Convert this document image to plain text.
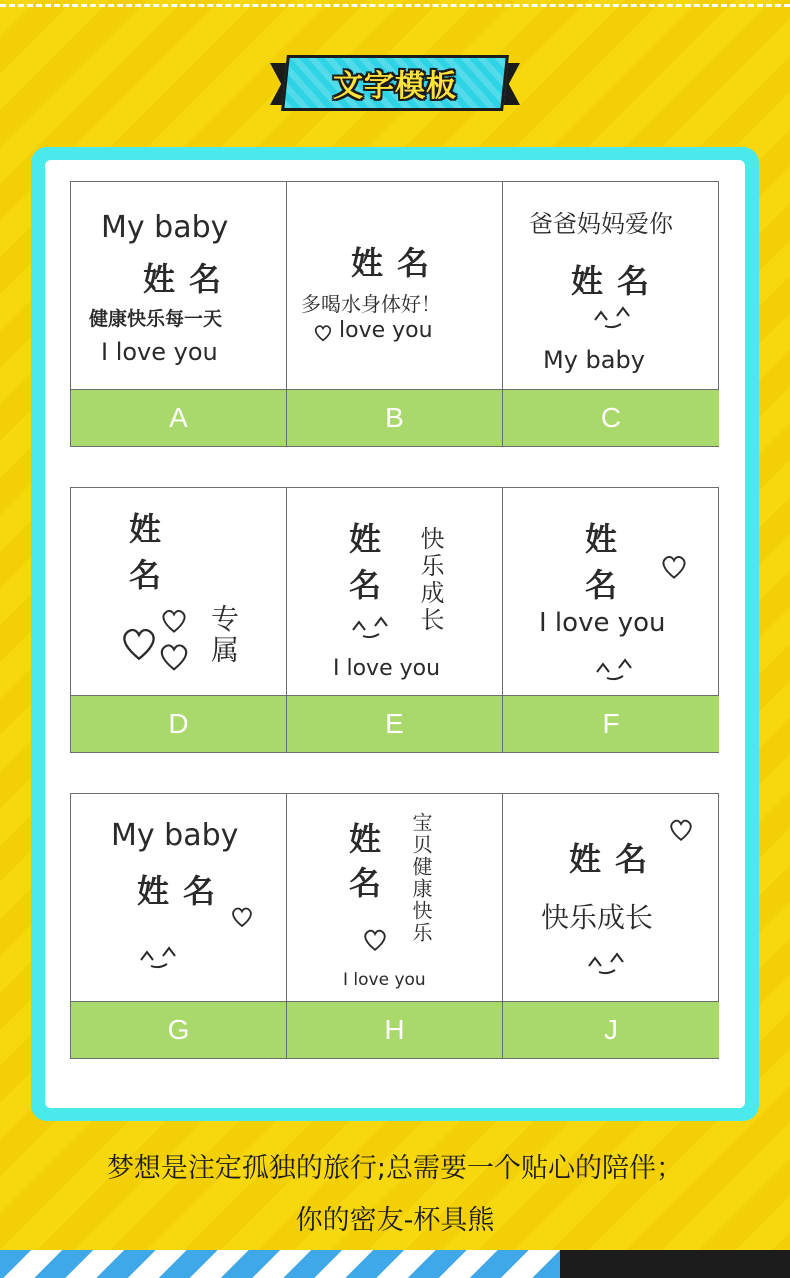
文字模板
My baby
姓名
健康快乐每一天
I love you
A
姓名
多喝水身体好！
love you
B
爸爸妈妈爱你
姓名
My baby
C
姓
名
专属
D
姓
名 快乐成长
I love you
E
姓
名
I love you
F
My baby
姓名
G
姓
名 宝贝健康快乐
I love you
H
姓名
快乐成长
J
梦想是注定孤独的旅行;总需要一个贴心的陪伴；
你的密友-杯具熊
